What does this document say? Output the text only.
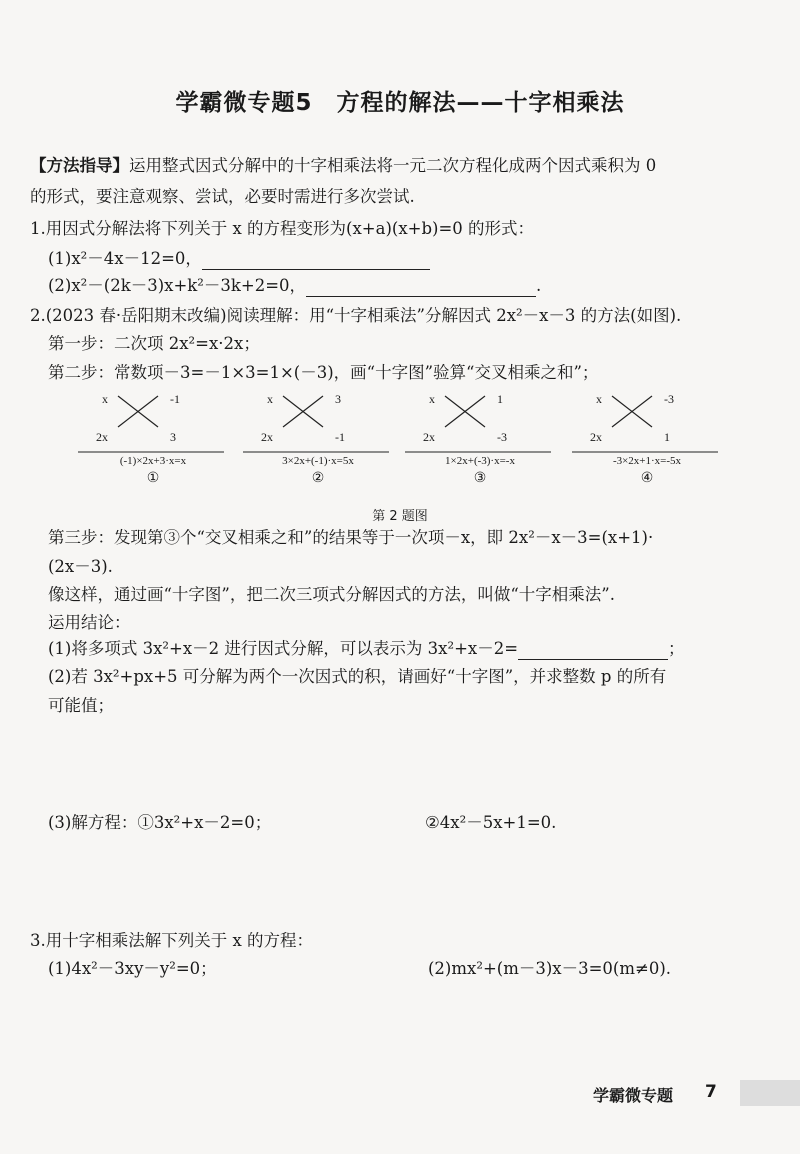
学霸微专题5　方程的解法——十字相乘法
【方法指导】运用整式因式分解中的十字相乘法将一元二次方程化成两个因式乘积为 0
的形式，要注意观察、尝试，必要时需进行多次尝试.
1.用因式分解法将下列关于 x 的方程变形为(x+a)(x+b)=0 的形式：
(1)x²－4x－12=0，
(2)x²－(2k－3)x+k²－3k+2=0，	.
2.(2023 春·岳阳期末改编)阅读理解：用“十字相乘法”分解因式 2x²－x－3 的方法(如图).
第一步：二次项 2x²=x·2x；
第二步：常数项－3=－1×3=1×(－3)，画“十字图”验算“交叉相乘之和”；
x	-1
2x	3
(-1)×2x+3·x=x
①
x	3
2x	-1
3×2x+(-1)·x=5x
②
x	1
2x	-3
1×2x+(-3)·x=-x
③
x	-3
2x	1
-3×2x+1·x=-5x
④
第 2 题图
第三步：发现第③个“交叉相乘之和”的结果等于一次项－x，即 2x²－x－3=(x+1)·
(2x－3).
像这样，通过画“十字图”，把二次三项式分解因式的方法，叫做“十字相乘法”.
运用结论：
(1)将多项式 3x²+x－2 进行因式分解，可以表示为 3x²+x－2=	；
(2)若 3x²+px+5 可分解为两个一次因式的积，请画好“十字图”，并求整数 p 的所有
可能值；
(3)解方程：①3x²+x－2=0；	②4x²－5x+1=0.
3.用十字相乘法解下列关于 x 的方程：
(1)4x²－3xy－y²=0；	(2)mx²+(m－3)x－3=0(m≠0).
学霸微专题 7
